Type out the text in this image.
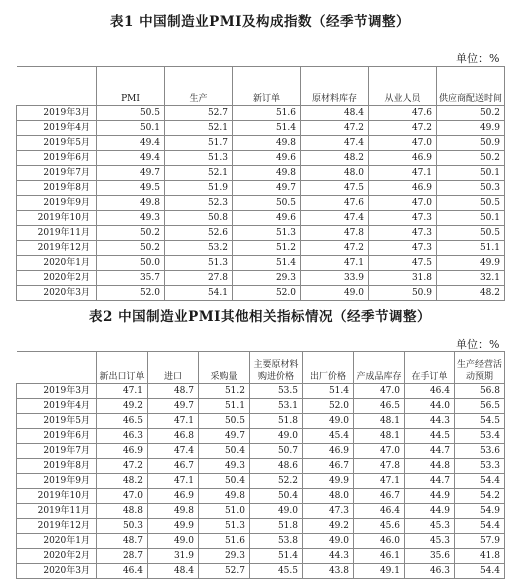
表1 中国制造业PMI及构成指数（经季节调整）
单位：%
	PMI	生产	新订单	原材料库存	从业人员	供应商配送时间
2019年3月	50.5	52.7	51.6	48.4	47.6	50.2
2019年4月	50.1	52.1	51.4	47.2	47.2	49.9
2019年5月	49.4	51.7	49.8	47.4	47.0	50.9
2019年6月	49.4	51.3	49.6	48.2	46.9	50.2
2019年7月	49.7	52.1	49.8	48.0	47.1	50.1
2019年8月	49.5	51.9	49.7	47.5	46.9	50.3
2019年9月	49.8	52.3	50.5	47.6	47.0	50.5
2019年10月	49.3	50.8	49.6	47.4	47.3	50.1
2019年11月	50.2	52.6	51.3	47.8	47.3	50.5
2019年12月	50.2	53.2	51.2	47.2	47.3	51.1
2020年1月	50.0	51.3	51.4	47.1	47.5	49.9
2020年2月	35.7	27.8	29.3	33.9	31.8	32.1
2020年3月	52.0	54.1	52.0	49.0	50.9	48.2
表2 中国制造业PMI其他相关指标情况（经季节调整）
单位：%
	新出口订单	进口	采购量	主要原材料购进价格	出厂价格	产成品库存	在手订单	生产经营活动预期
2019年3月	47.1	48.7	51.2	53.5	51.4	47.0	46.4	56.8
2019年4月	49.2	49.7	51.1	53.1	52.0	46.5	44.0	56.5
2019年5月	46.5	47.1	50.5	51.8	49.0	48.1	44.3	54.5
2019年6月	46.3	46.8	49.7	49.0	45.4	48.1	44.5	53.4
2019年7月	46.9	47.4	50.4	50.7	46.9	47.0	44.7	53.6
2019年8月	47.2	46.7	49.3	48.6	46.7	47.8	44.8	53.3
2019年9月	48.2	47.1	50.4	52.2	49.9	47.1	44.7	54.4
2019年10月	47.0	46.9	49.8	50.4	48.0	46.7	44.9	54.2
2019年11月	48.8	49.8	51.0	49.0	47.3	46.4	44.9	54.9
2019年12月	50.3	49.9	51.3	51.8	49.2	45.6	45.3	54.4
2020年1月	48.7	49.0	51.6	53.8	49.0	46.0	45.3	57.9
2020年2月	28.7	31.9	29.3	51.4	44.3	46.1	35.6	41.8
2020年3月	46.4	48.4	52.7	45.5	43.8	49.1	46.3	54.4
